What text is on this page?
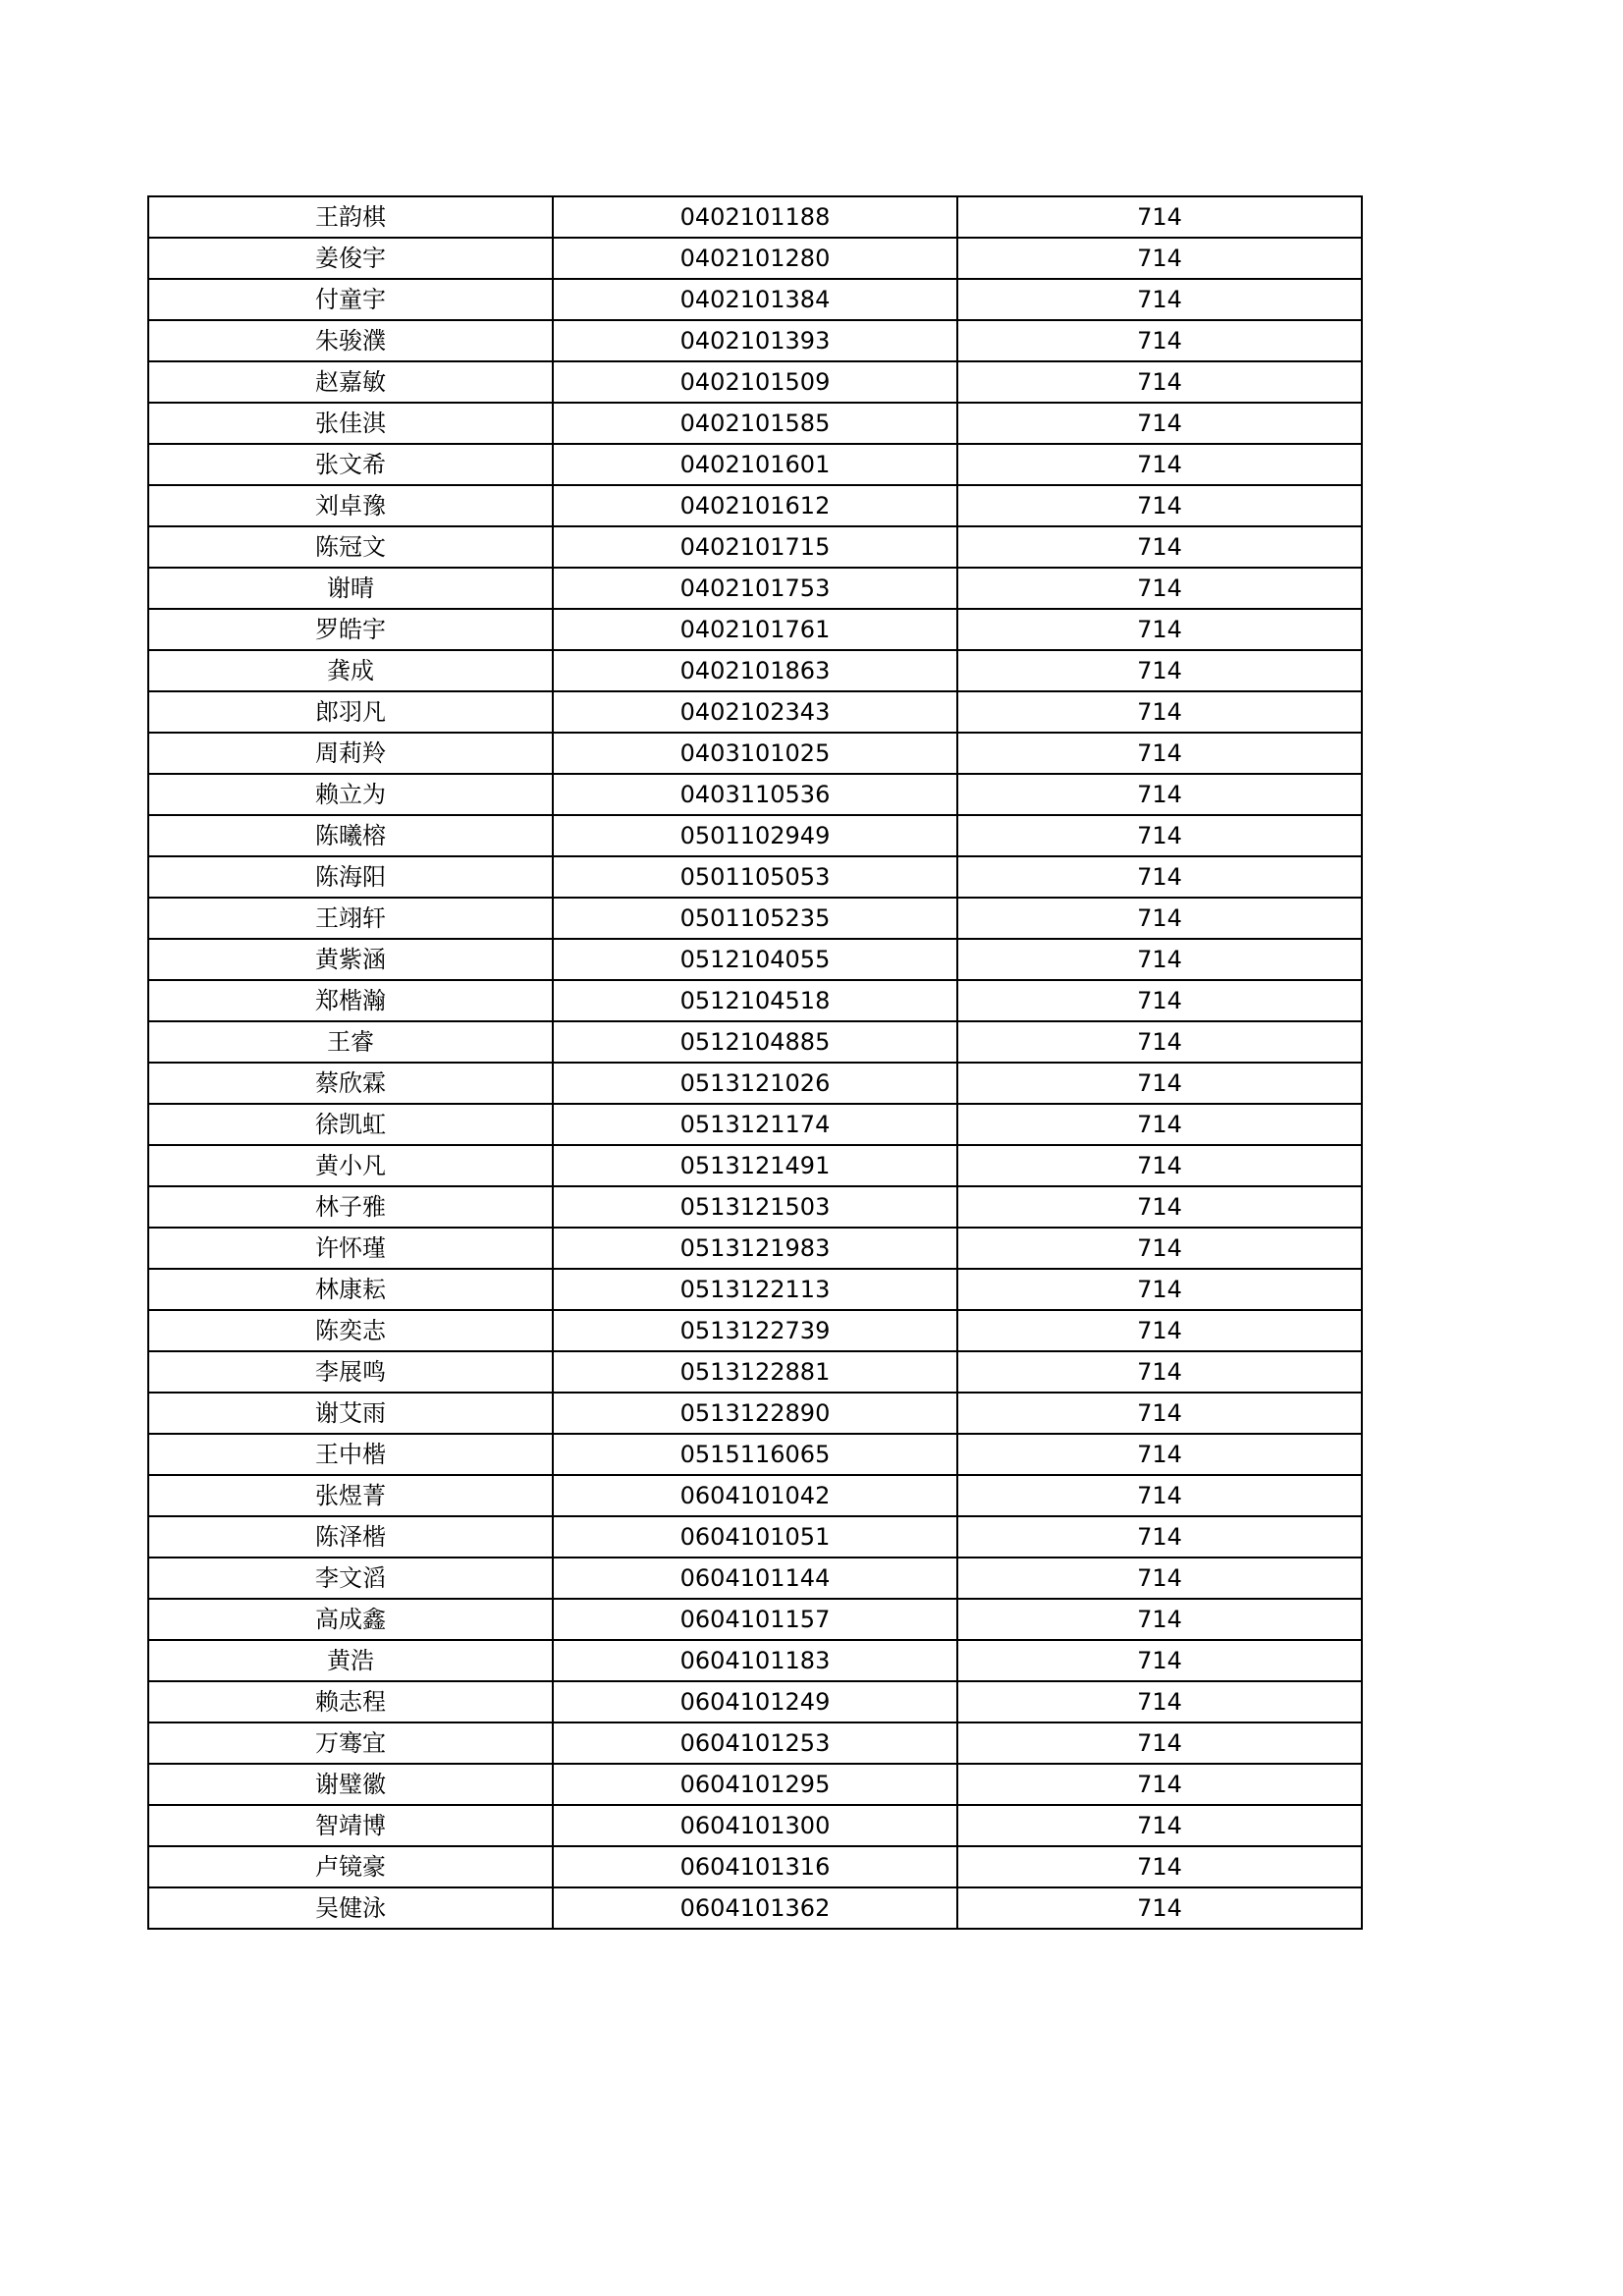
王韵棋	0402101188	714
姜俊宇	0402101280	714
付童宇	0402101384	714
朱骏濮	0402101393	714
赵嘉敏	0402101509	714
张佳淇	0402101585	714
张文希	0402101601	714
刘卓豫	0402101612	714
陈冠文	0402101715	714
谢晴	0402101753	714
罗皓宇	0402101761	714
龚成	0402101863	714
郎羽凡	0402102343	714
周莉羚	0403101025	714
赖立为	0403110536	714
陈曦榕	0501102949	714
陈海阳	0501105053	714
王翊轩	0501105235	714
黄紫涵	0512104055	714
郑楷瀚	0512104518	714
王睿	0512104885	714
蔡欣霖	0513121026	714
徐凯虹	0513121174	714
黄小凡	0513121491	714
林子雅	0513121503	714
许怀瑾	0513121983	714
林康耘	0513122113	714
陈奕志	0513122739	714
李展鸣	0513122881	714
谢艾雨	0513122890	714
王中楷	0515116065	714
张煜菁	0604101042	714
陈泽楷	0604101051	714
李文滔	0604101144	714
高成鑫	0604101157	714
黄浩	0604101183	714
赖志程	0604101249	714
万骞宜	0604101253	714
谢璧徽	0604101295	714
智靖博	0604101300	714
卢镜豪	0604101316	714
吴健泳	0604101362	714
